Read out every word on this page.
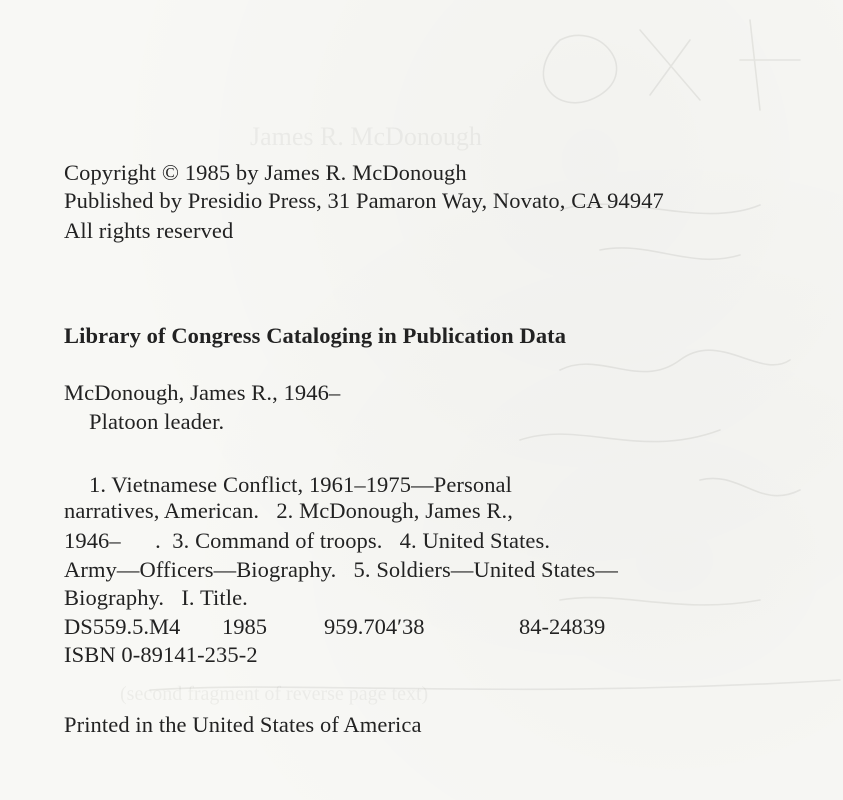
James R. McDonough
(second fragment of reverse page text)
Copyright © 1985 by James R. McDonough
Published by Presidio Press, 31 Pamaron Way, Novato, CA 94947
All rights reserved
Library of Congress Cataloging in Publication Data
McDonough, James R., 1946–
Platoon leader.
1. Vietnamese Conflict, 1961–1975—Personal
narratives, American.   2. McDonough, James R.,
1946–      .  3. Command of troops.   4. United States.
Army—Officers—Biography.   5. Soldiers—United States—
Biography.   I. Title.
DS559.5.M4 1985	959.704′38	84-24839
ISBN 0-89141-235-2
Printed in the United States of America
